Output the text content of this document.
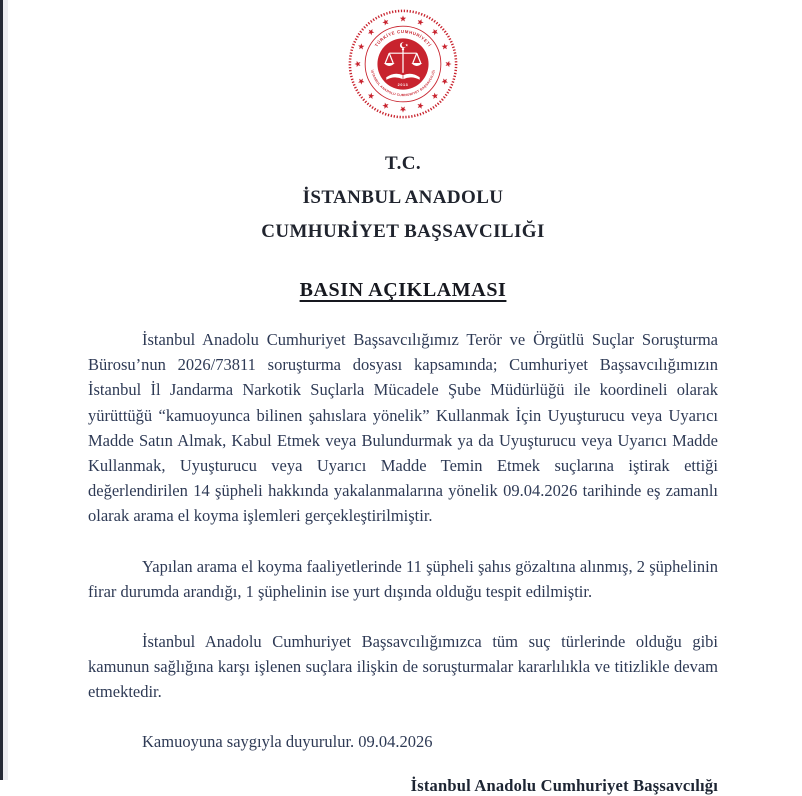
TÜRKİYE CUMHURİYETİ
İSTANBUL ANADOLU CUMHURİYET BAŞSAVCILIĞI
2013
T.C.
İSTANBUL ANADOLU
CUMHURİYET BAŞSAVCILIĞI
BASIN AÇIKLAMASI

İstanbul Anadolu Cumhuriyet Başsavcılığımız Terör ve Örgütlü Suçlar Soruşturma Bürosu’nun 2026/73811 soruşturma dosyası kapsamında; Cumhuriyet Başsavcılığımızın İstanbul İl Jandarma Narkotik Suçlarla Mücadele Şube Müdürlüğü ile koordineli olarak yürüttüğü “kamuoyunca bilinen şahıslara yönelik” Kullanmak İçin Uyuşturucu veya Uyarıcı Madde Satın Almak, Kabul Etmek veya Bulundurmak ya da Uyuşturucu veya Uyarıcı Madde Kullanmak, Uyuşturucu veya Uyarıcı Madde Temin Etmek suçlarına iştirak ettiği değerlendirilen 14 şüpheli hakkında yakalanmalarına yönelik 09.04.2026 tarihinde eş zamanlı olarak arama el koyma işlemleri gerçekleştirilmiştir.

Yapılan arama el koyma faaliyetlerinde 11 şüpheli şahıs gözaltına alınmış, 2 şüphelinin firar durumda arandığı, 1 şüphelinin ise yurt dışında olduğu tespit edilmiştir.

İstanbul Anadolu Cumhuriyet Başsavcılığımızca tüm suç türlerinde olduğu gibi kamunun sağlığına karşı işlenen suçlara ilişkin de soruşturmalar kararlılıkla ve titizlikle devam etmektedir.

Kamuoyuna saygıyla duyurulur. 09.04.2026

İstanbul Anadolu Cumhuriyet Başsavcılığı
